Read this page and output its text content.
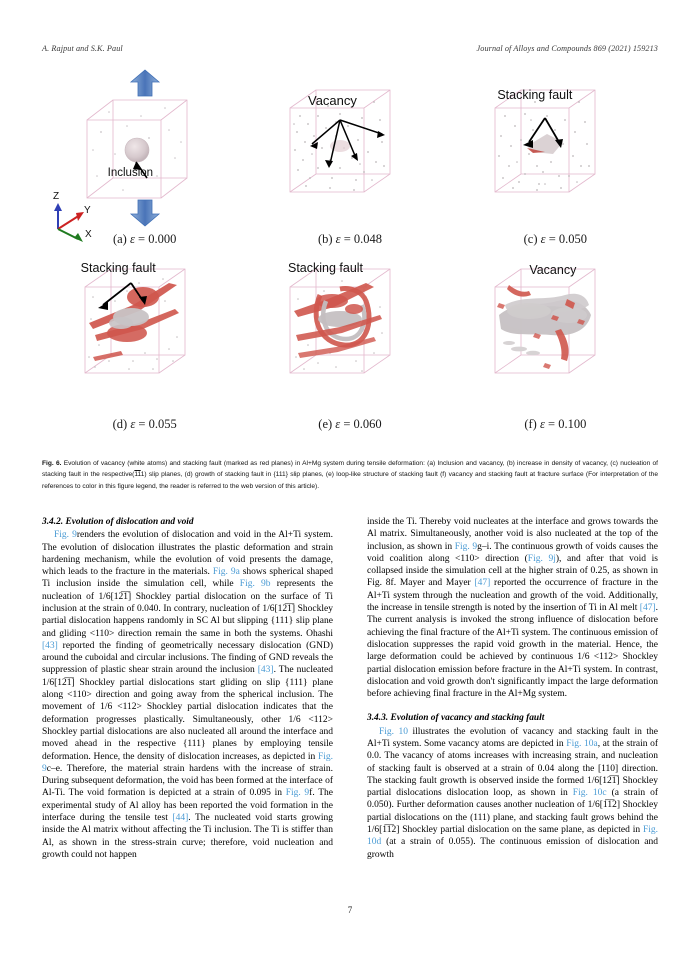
A. Rajput and S.K. Paul	Journal of Alloys and Compounds 869 (2021) 159213
Inclusion
Z
Y
X	(a) ε = 0.000
Vacancy
(b) ε = 0.048
Stacking fault
(c) ε = 0.050
Stacking fault
(d) ε = 0.055
Stacking fault
(e) ε = 0.060
Vacancy
(f) ε = 0.100
Fig. 6. Evolution of vacancy (white atoms) and stacking fault (marked as red planes) in Al+Mg system during tensile deformation: (a) Inclusion and vacancy, (b) increase in density of vacancy, (c) nucleation of stacking fault in the respective(111) slip planes, (d) growth of stacking fault in {111} slip planes, (e) loop-like structure of stacking fault (f) vacancy and stacking fault at fracture surface (For interpretation of the references to color in this figure legend, the reader is referred to the web version of this article).
3.4.2. Evolution of dislocation and void

Fig. 9renders the evolution of dislocation and void in the Al+Ti system. The evolution of dislocation illustrates the plastic deformation and strain hardening mechanism, while the evolution of void presents the damage, which leads to the fracture in the materials. Fig. 9a shows spherical shaped Ti inclusion inside the simulation cell, while Fig. 9b represents the nucleation of 1/6[12̅1̅] Shockley partial dislocation on the surface of Ti inclusion at the strain of 0.040. In contrary, nucleation of 1/6[12̅1̅] Shockley partial dislocation happens randomly in SC Al but slipping {111} slip plane and gliding <110> direction remain the same in both the systems. Ohashi [43] reported the finding of geometrically necessary dislocation (GND) around the cuboidal and circular inclusions. The finding of GND reveals the suppression of plastic shear strain around the inclusion [43]. The nucleated 1/6[12̅1̅] Shockley partial dislocations start gliding on slip {111} plane along <110> direction and going away from the spherical inclusion. The movement of 1/6 <112> Shockley partial dislocation indicates that the deformation progresses plastically. Simultaneously, other 1/6 <112> Shockley partial dislocations are also nucleated all around the interface and moved ahead in the respective {111} planes by employing tensile deformation. Hence, the density of dislocation increases, as depicted in Fig. 9c–e. Therefore, the material strain hardens with the increase of strain. During subsequent deformation, the void has been formed at the interface of Al-Ti. The void formation is depicted at a strain of 0.095 in Fig. 9f. The experimental study of Al alloy has been reported the void formation in the interface during the tensile test [44]. The nucleated void starts growing inside the Al matrix without affecting the Ti inclusion. The Ti is stiffer than Al, as shown in the stress-strain curve; therefore, void nucleation and growth could not happen

inside the Ti. Thereby void nucleates at the interface and grows towards the Al matrix. Simultaneously, another void is also nucleated at the top of the inclusion, as shown in Fig. 9g–i. The continuous growth of voids causes the void coalition along <110> direction (Fig. 9j), and after that void is collapsed inside the simulation cell at the higher strain of 0.25, as shown in Fig. 8f. Mayer and Mayer [47] reported the occurrence of fracture in the Al+Ti system through the nucleation and growth of the void. Additionally, the increase in tensile strength is noted by the insertion of Ti in Al melt [47]. The current analysis is invoked the strong influence of dislocation before achieving the final fracture of the Al+Ti system. The continuous emission of dislocation suppresses the rapid void growth in the material. Hence, the large deformation could be achieved by continuous 1/6 <112> Shockley partial dislocation emission before fracture in the Al+Ti system. In contrast, dislocation and void growth don't significantly impact the large deformation before achieving final fracture in the Al+Mg system.

3.4.3. Evolution of vacancy and stacking fault

Fig. 10 illustrates the evolution of vacancy and stacking fault in the Al+Ti system. Some vacancy atoms are depicted in Fig. 10a, at the strain of 0.0. The vacancy of atoms increases with increasing strain, and nucleation of stacking fault is observed at a strain of 0.04 along the [110] direction. The stacking fault growth is observed inside the formed 1/6[12̅1̅] Shockley partial dislocations dislocation loop, as shown in Fig. 10c (a strain of 0.050). Further deformation causes another nucleation of 1/6[1̅1̅2] Shockley partial dislocations on the (111) plane, and stacking fault grows behind the 1/6[1̅1̅2] Shockley partial dislocation on the same plane, as depicted in Fig. 10d (at a strain of 0.055). The continuous emission of dislocation and growth

7
